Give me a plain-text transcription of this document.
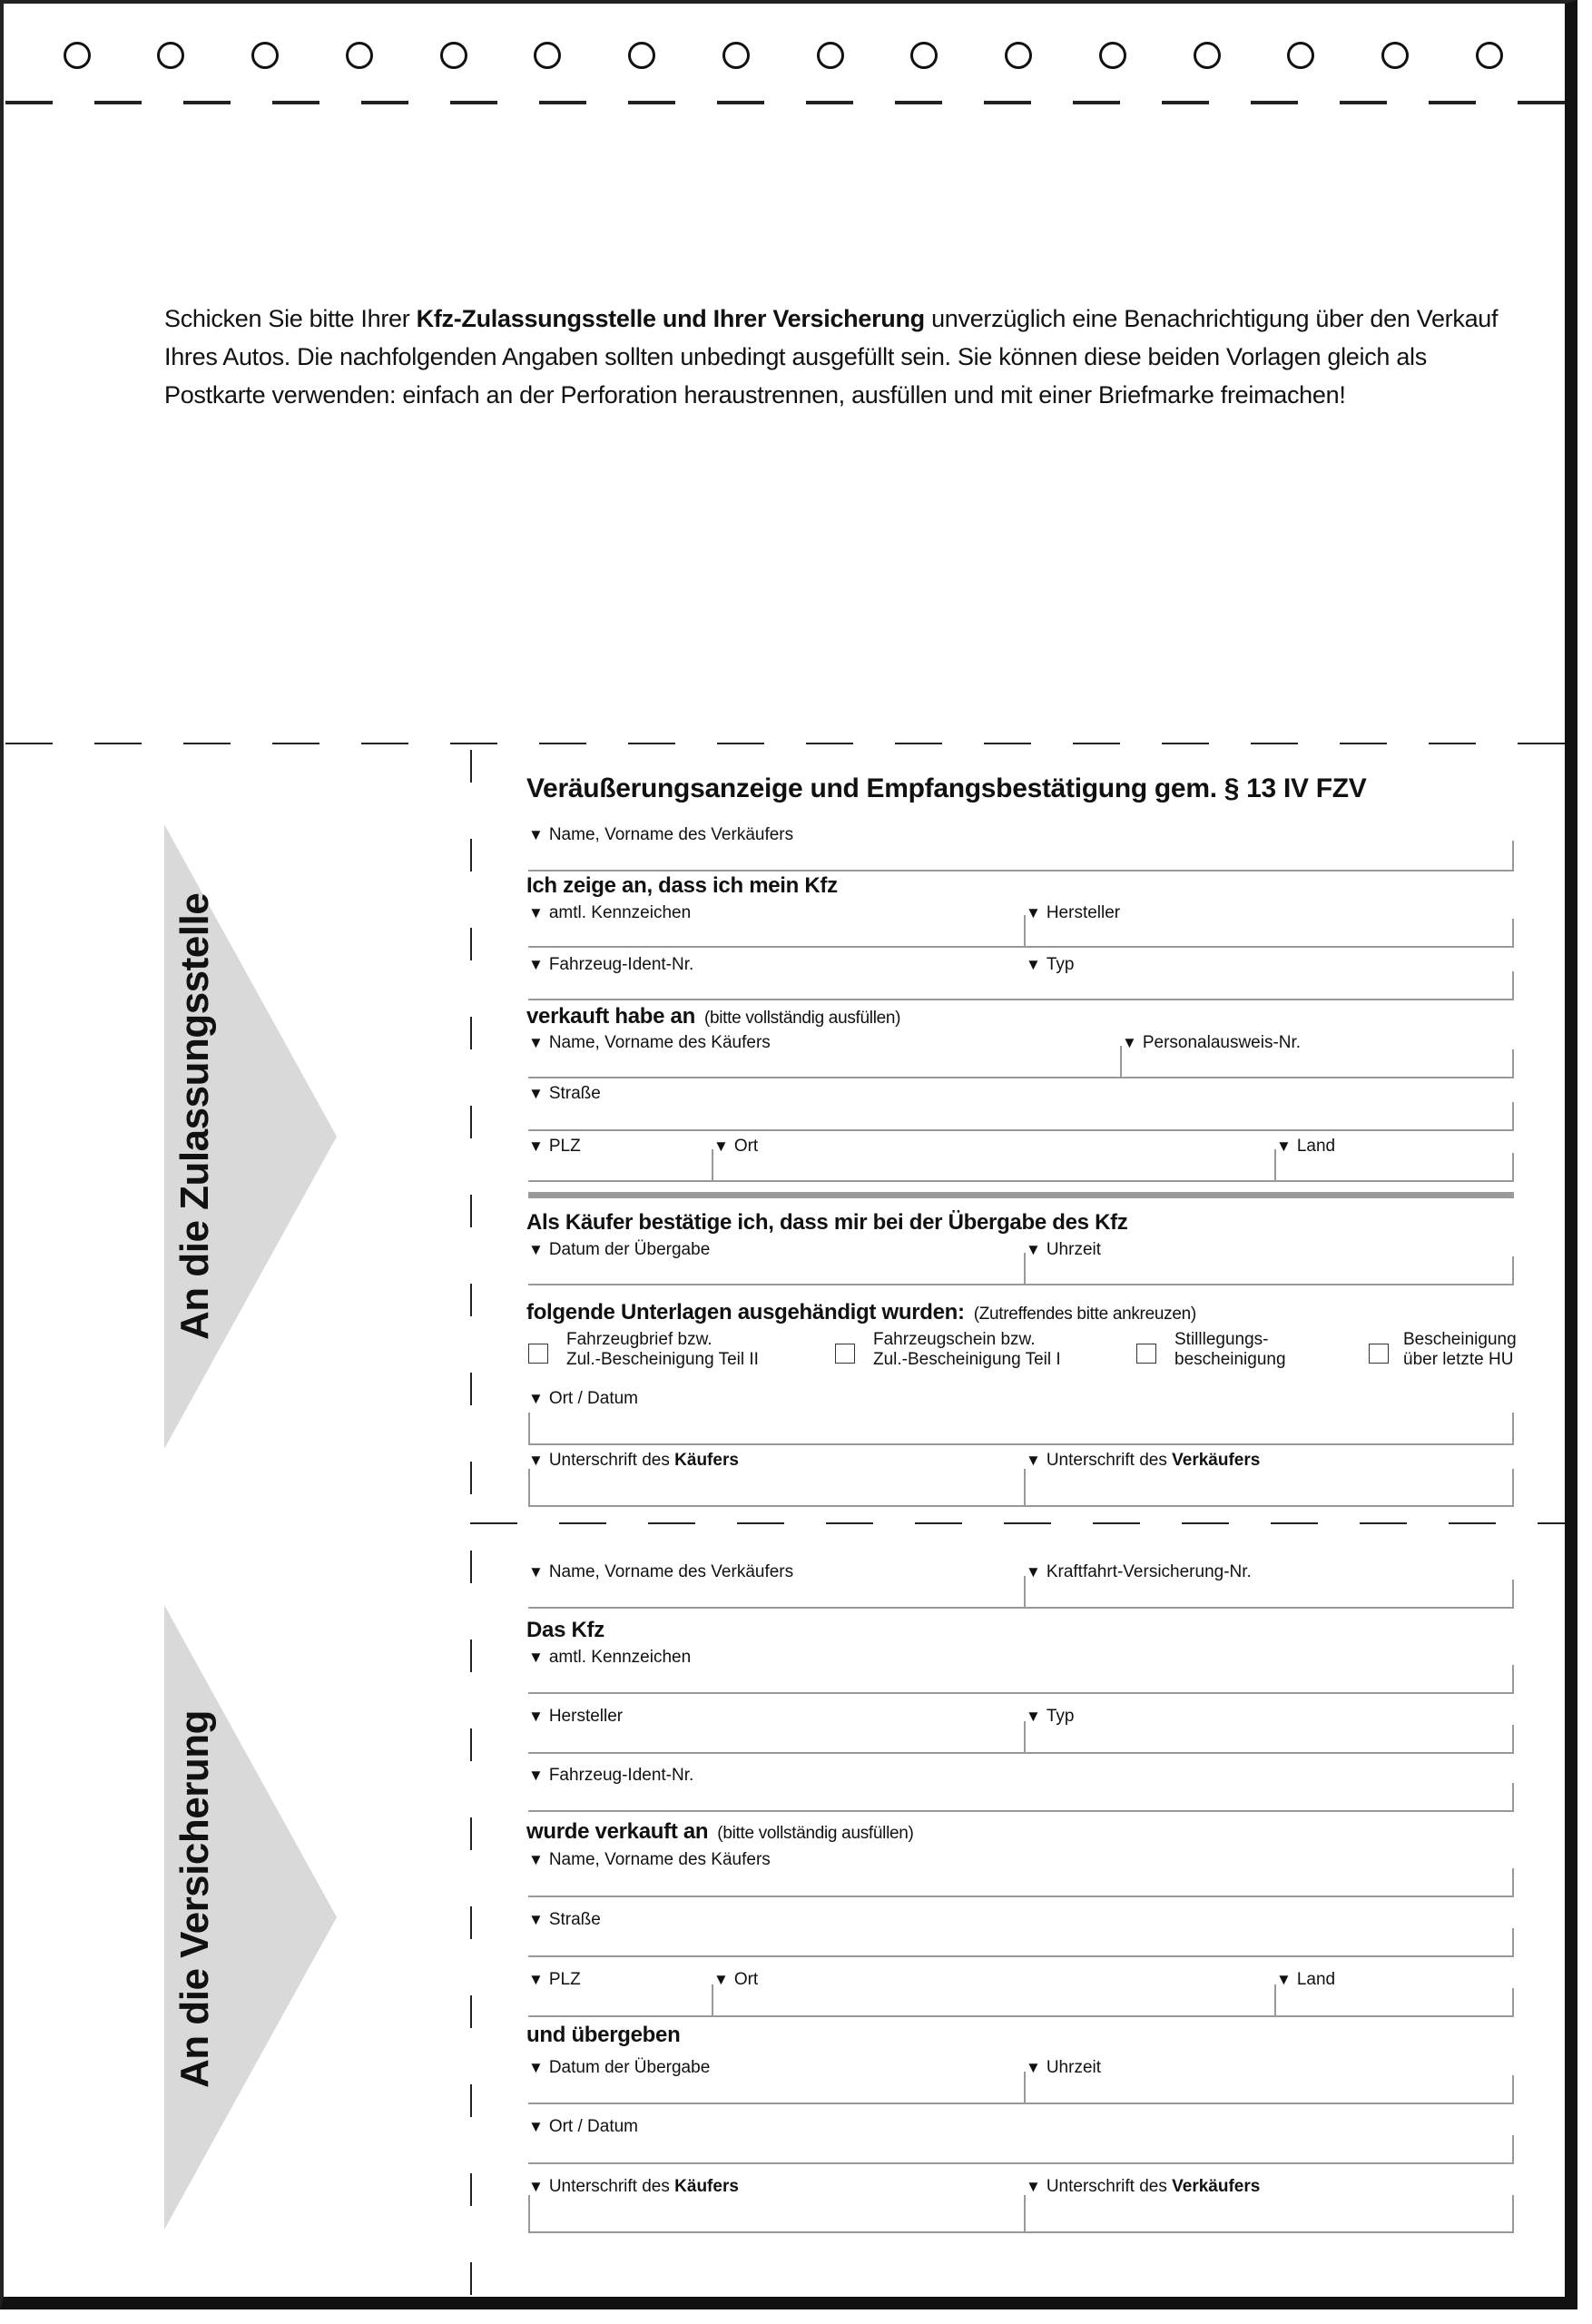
Schicken Sie bitte Ihrer Kfz-Zulassungsstelle und Ihrer Versicherung unverzüglich eine Benachrichtigung über den Verkauf Ihres Autos. Die nachfolgenden Angaben sollten unbedingt ausgefüllt sein. Sie können diese beiden Vorlagen gleich als Postkarte verwenden: einfach an der Perforation heraustrennen, ausfüllen und mit einer Briefmarke freimachen!
An die Zulassungsstelle
An die Versicherung
Veräußerungsanzeige und Empfangsbestätigung gem. § 13 IV FZV
▼ Name, Vorname des Verkäufers
Ich zeige an, dass ich mein Kfz
▼ amtl. Kennzeichen	▼ Hersteller
▼ Fahrzeug-Ident-Nr.	▼ Typ
verkauft habe an (bitte vollständig ausfüllen)
▼ Name, Vorname des Käufers	▼ Personalausweis-Nr.
▼ Straße
▼ PLZ	▼ Ort	▼ Land
Als Käufer bestätige ich, dass mir bei der Übergabe des Kfz
▼ Datum der Übergabe	▼ Uhrzeit
folgende Unterlagen ausgehändigt wurden: (Zutreffendes bitte ankreuzen)
Fahrzeugbrief bzw.
Zul.-Bescheinigung Teil II
Fahrzeugschein bzw.
Zul.-Bescheinigung Teil I
Stilllegungs-
bescheinigung
Bescheinigung
über letzte HU
▼ Ort / Datum
▼ Unterschrift des Käufers	▼ Unterschrift des Verkäufers
▼ Name, Vorname des Verkäufers	▼ Kraftfahrt-Versicherung-Nr.
Das Kfz
▼ amtl. Kennzeichen
▼ Hersteller	▼ Typ
▼ Fahrzeug-Ident-Nr.
wurde verkauft an (bitte vollständig ausfüllen)
▼ Name, Vorname des Käufers
▼ Straße
▼ PLZ	▼ Ort	▼ Land
und übergeben
▼ Datum der Übergabe	▼ Uhrzeit
▼ Ort / Datum
▼ Unterschrift des Käufers	▼ Unterschrift des Verkäufers
